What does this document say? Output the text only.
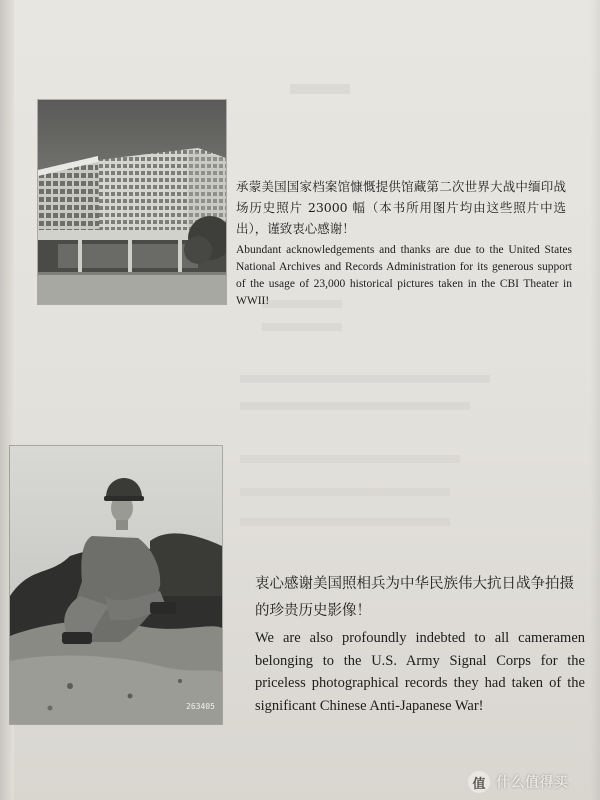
承蒙美国国家档案馆慷慨提供馆藏第二次世界大战中缅印战场历史照片 23000 幅（本书所用图片均由这些照片中选出），谨致衷心感谢！
Abundant acknowledgements and thanks are due to the United States National Archives and Records Administration for its generous support of the usage of 23,000 historical pictures taken in the CBI Theater in WWII!
263405
衷心感谢美国照相兵为中华民族伟大抗日战争拍摄的珍贵历史影像！
We are also profoundly indebted to all cameramen belonging to the U.S. Army Signal Corps for the priceless photographical records they had taken of the significant Chinese Anti-Japanese War!
值 什么值得买
